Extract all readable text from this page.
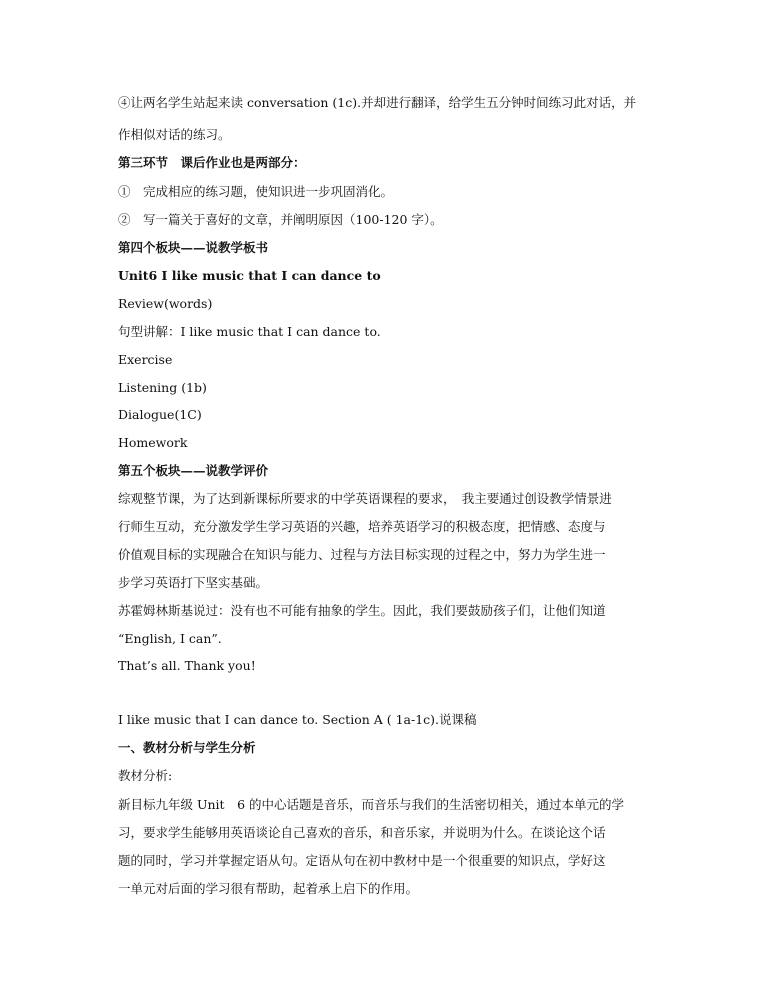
④让两名学生站起来读 conversation (1c).并却进行翻译，给学生五分钟时间练习此对话，并
作相似对话的练习。
第三环节　课后作业也是两部分：
①　完成相应的练习题，使知识进一步巩固消化。
②　写一篇关于喜好的文章，并阐明原因（100-120 字）。
第四个板块——说教学板书
Unit6 I like music that I can dance to
Review(words)
句型讲解：I like music that I can dance to.
Exercise
Listening (1b)
Dialogue(1C)
Homework
第五个板块——说教学评价
综观整节课，为了达到新课标所要求的中学英语课程的要求，　我主要通过创设教学情景进
行师生互动，充分激发学生学习英语的兴趣，培养英语学习的积极态度，把情感、态度与
价值观目标的实现融合在知识与能力、过程与方法目标实现的过程之中，努力为学生进一
步学习英语打下坚实基础。
苏霍姆林斯基说过：没有也不可能有抽象的学生。因此，我们要鼓励孩子们，让他们知道
“English, I can”.
That’s all. Thank you!
I like music that I can dance to. Section A ( 1a-1c).说课稿
一、教材分析与学生分析
教材分析:
新目标九年级 Unit　6 的中心话题是音乐，而音乐与我们的生活密切相关，通过本单元的学
习，要求学生能够用英语谈论自己喜欢的音乐，和音乐家，并说明为什么。在谈论这个话
题的同时，学习并掌握定语从句。定语从句在初中教材中是一个很重要的知识点，学好这
一单元对后面的学习很有帮助，起着承上启下的作用。
